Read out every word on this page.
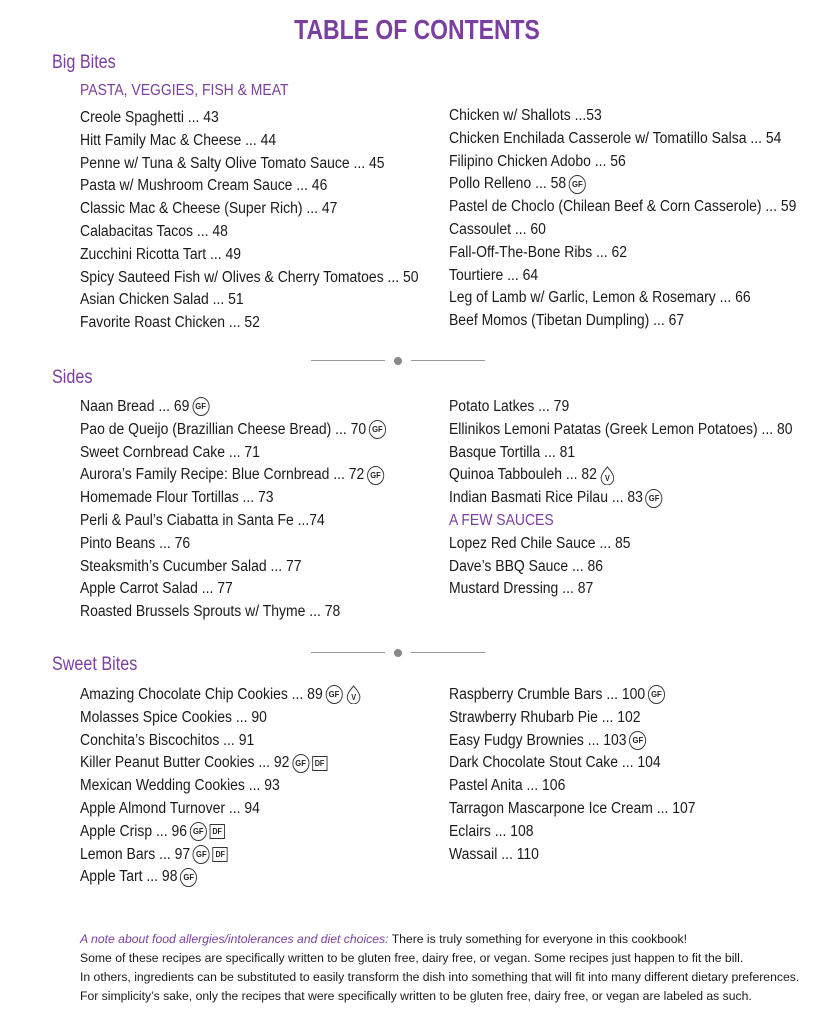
TABLE OF CONTENTS
Big Bites
PASTA, VEGGIES, FISH & MEAT
Creole Spaghetti ... 43
Hitt Family Mac & Cheese ... 44
Penne w/ Tuna & Salty Olive Tomato Sauce ... 45
Pasta w/ Mushroom Cream Sauce ... 46
Classic Mac & Cheese (Super Rich) ... 47
Calabacitas Tacos ... 48
Zucchini Ricotta Tart ... 49
Spicy Sauteed Fish w/ Olives & Cherry Tomatoes ... 50
Asian Chicken Salad ... 51
Favorite Roast Chicken ... 52
Chicken w/ Shallots ...53
Chicken Enchilada Casserole w/ Tomatillo Salsa ... 54
Filipino Chicken Adobo ... 56
Pollo Relleno ... 58 GF
Pastel de Choclo (Chilean Beef & Corn Casserole) ... 59
Cassoulet ... 60
Fall-Off-The-Bone Ribs ... 62
Tourtiere ... 64
Leg of Lamb w/ Garlic, Lemon & Rosemary ... 66
Beef Momos (Tibetan Dumpling) ... 67
Sides
Naan Bread ... 69 GF
Pao de Queijo (Brazillian Cheese Bread) ... 70 GF
Sweet Cornbread Cake ... 71
Aurora’s Family Recipe: Blue Cornbread ... 72 GF
Homemade Flour Tortillas ... 73
Perli & Paul’s Ciabatta in Santa Fe ...74
Pinto Beans ... 76
Steaksmith’s Cucumber Salad ... 77
Apple Carrot Salad ... 77
Roasted Brussels Sprouts w/ Thyme ... 78
Potato Latkes ... 79
Ellinikos Lemoni Patatas (Greek Lemon Potatoes) ... 80
Basque Tortilla ... 81
Quinoa Tabbouleh ... 82 V
Indian Basmati Rice Pilau ... 83 GF
A FEW SAUCES
Lopez Red Chile Sauce ... 85
Dave’s BBQ Sauce ... 86
Mustard Dressing ... 87
Sweet Bites
Amazing Chocolate Chip Cookies ... 89 GF V
Molasses Spice Cookies ... 90
Conchita’s Biscochitos ... 91
Killer Peanut Butter Cookies ... 92 GF DF
Mexican Wedding Cookies ... 93
Apple Almond Turnover ... 94
Apple Crisp ... 96 GF DF
Lemon Bars ... 97 GF DF
Apple Tart ... 98 GF
Raspberry Crumble Bars ... 100 GF
Strawberry Rhubarb Pie ... 102
Easy Fudgy Brownies ... 103 GF
Dark Chocolate Stout Cake ... 104
Pastel Anita ... 106
Tarragon Mascarpone Ice Cream ... 107
Eclairs ... 108
Wassail ... 110
A note about food allergies/intolerances and diet choices: There is truly something for everyone in this cookbook!
Some of these recipes are specifically written to be gluten free, dairy free, or vegan. Some recipes just happen to fit the bill.
In others, ingredients can be substituted to easily transform the dish into something that will fit into many different dietary preferences.
For simplicity’s sake, only the recipes that were specifically written to be gluten free, dairy free, or vegan are labeled as such.
